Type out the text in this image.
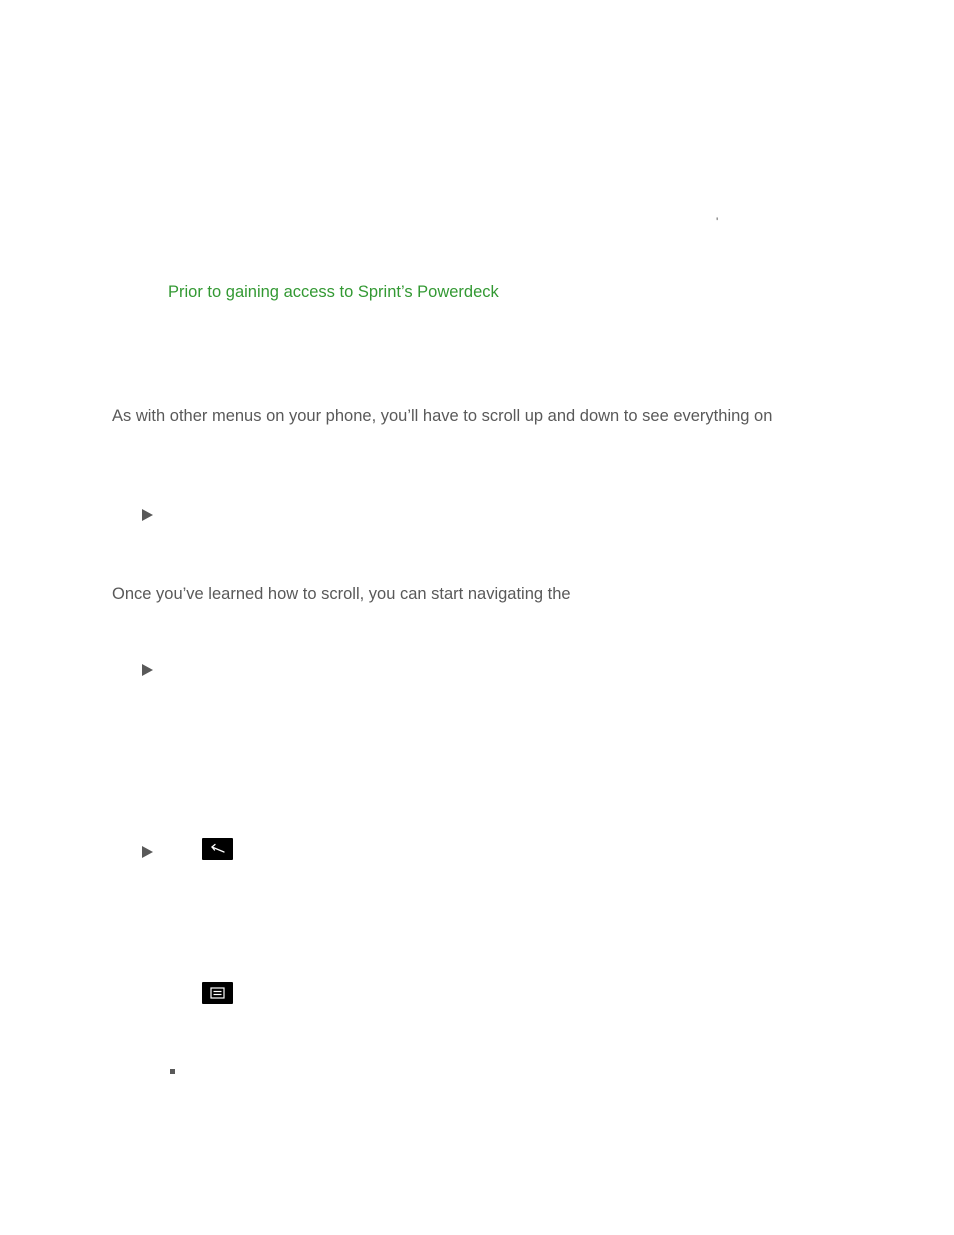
'
Prior to gaining access to Sprint’s Powerdeck
As with other menus on your phone, you’ll have to scroll up and down to see everything on
Once you’ve learned how to scroll, you can start navigating the
